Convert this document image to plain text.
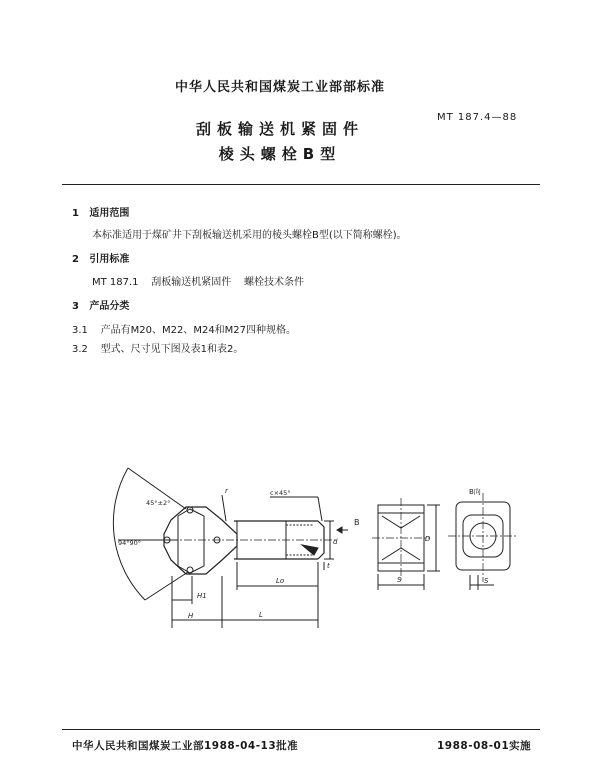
中华人民共和国煤炭工业部部标准
MT 187.4—88
刮板输送机紧固件
棱头螺栓B型
1 适用范围
本标准适用于煤矿井下刮板输送机采用的棱头螺栓B型(以下简称螺栓)。
2 引用标准
MT 187.1 刮板输送机紧固件 螺栓技术条件
3 产品分类
3.1 产品有M20、M22、M24和M27四种规格。
3.2 型式、尺寸见下图及表1和表2。
45°±2°
94°90°
r	c×45°
B
d
t
H1
H
Lo
L
D
S
B向
S
中华人民共和国煤炭工业部1988-04-13批准	1988-08-01实施
